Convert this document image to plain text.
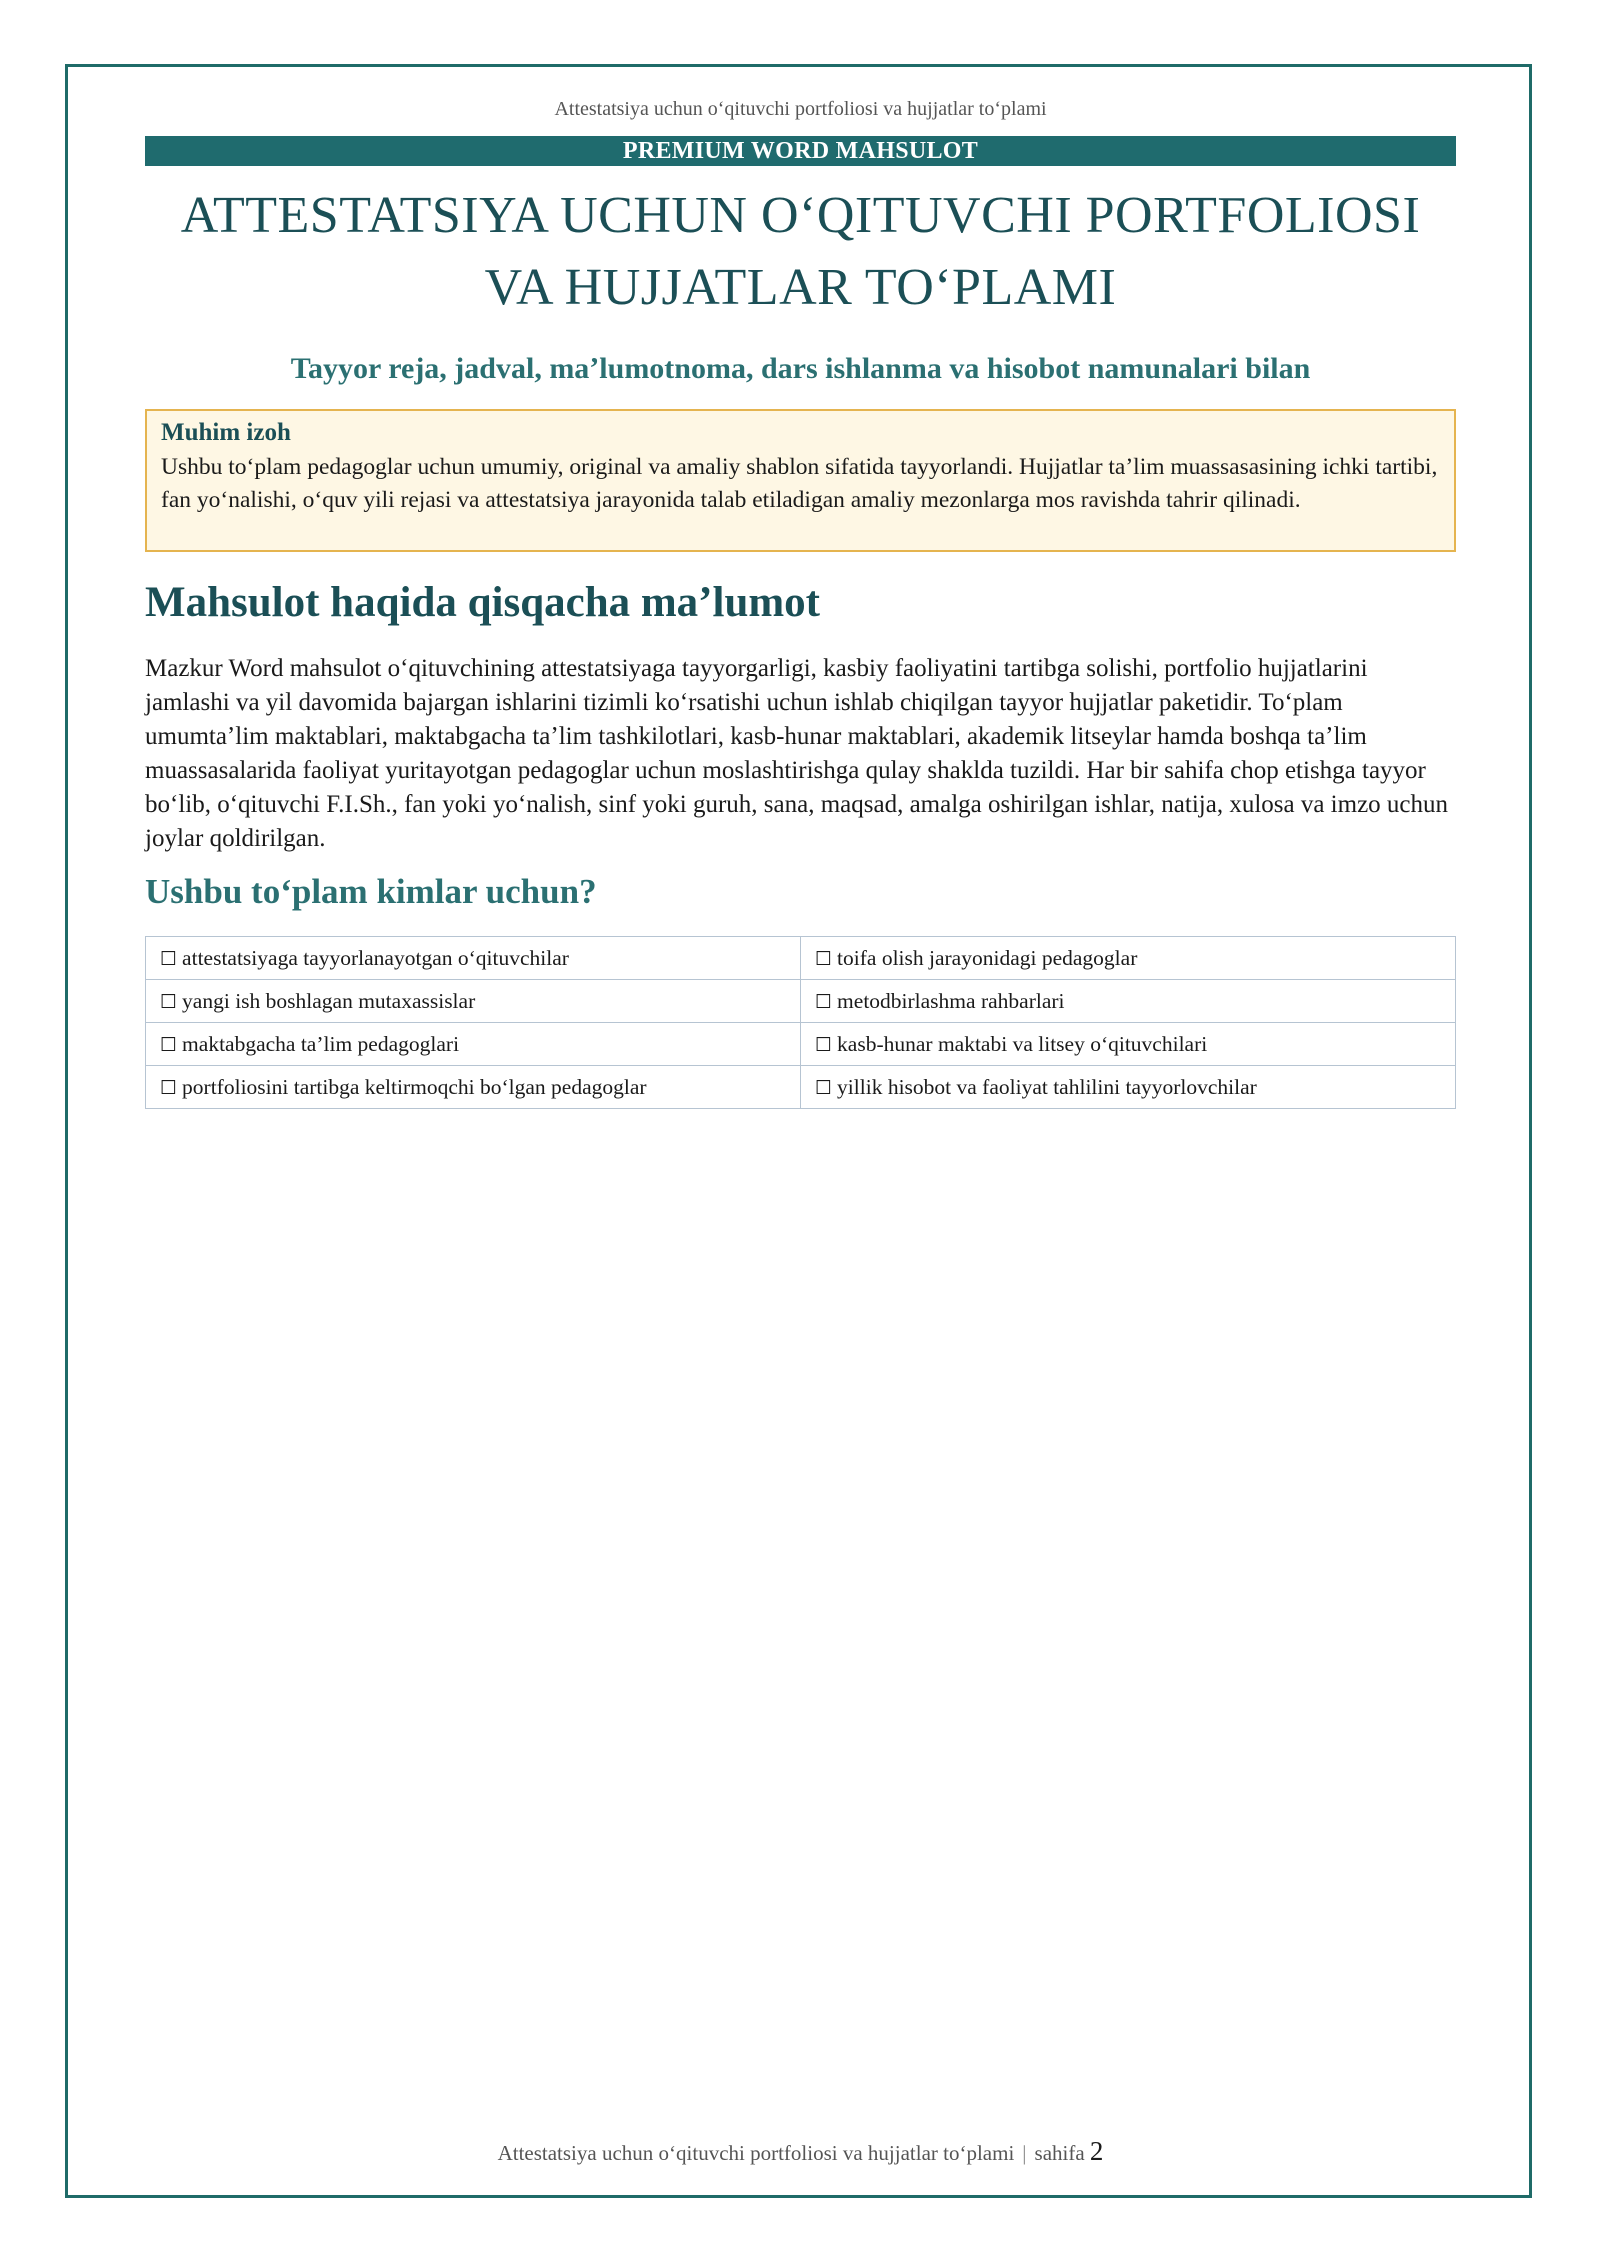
Attestatsiya uchun oʻqituvchi portfoliosi va hujjatlar toʻplami
PREMIUM WORD MAHSULOT
ATTESTATSIYA UCHUN OʻQITUVCHI PORTFOLIOSI
VA HUJJATLAR TOʻPLAMI

Tayyor reja, jadval, maʼlumotnoma, dars ishlanma va hisobot namunalari bilan

Muhim izoh
Ushbu toʻplam pedagoglar uchun umumiy, original va amaliy shablon sifatida tayyorlandi. Hujjatlar taʼlim muassasasining ichki tartibi, fan yoʻnalishi, oʻquv yili rejasi va attestatsiya jarayonida talab etiladigan amaliy mezonlarga mos ravishda tahrir qilinadi.
Mahsulot haqida qisqacha maʼlumot

Mazkur Word mahsulot oʻqituvchining attestatsiyaga tayyorgarligi, kasbiy faoliyatini tartibga solishi, portfolio hujjatlarini jamlashi va yil davomida bajargan ishlarini tizimli koʻrsatishi uchun ishlab chiqilgan tayyor hujjatlar paketidir. Toʻplam umumtaʼlim maktablari, maktabgacha taʼlim tashkilotlari, kasb-hunar maktablari, akademik litseylar hamda boshqa taʼlim muassasalarida faoliyat yuritayotgan pedagoglar uchun moslashtirishga qulay shaklda tuzildi. Har bir sahifa chop etishga tayyor boʻlib, oʻqituvchi F.I.Sh., fan yoki yoʻnalish, sinf yoki guruh, sana, maqsad, amalga oshirilgan ishlar, natija, xulosa va imzo uchun joylar qoldirilgan.

Ushbu toʻplam kimlar uchun?
☐ attestatsiyaga tayyorlanayotgan oʻqituvchilar	☐ toifa olish jarayonidagi pedagoglar
☐ yangi ish boshlagan mutaxassislar	☐ metodbirlashma rahbarlari
☐ maktabgacha taʼlim pedagoglari	☐ kasb-hunar maktabi va litsey oʻqituvchilari
☐ portfoliosini tartibga keltirmoqchi boʻlgan pedagoglar	☐ yillik hisobot va faoliyat tahlilini tayyorlovchilar
Attestatsiya uchun oʻqituvchi portfoliosi va hujjatlar toʻplami | sahifa 2
